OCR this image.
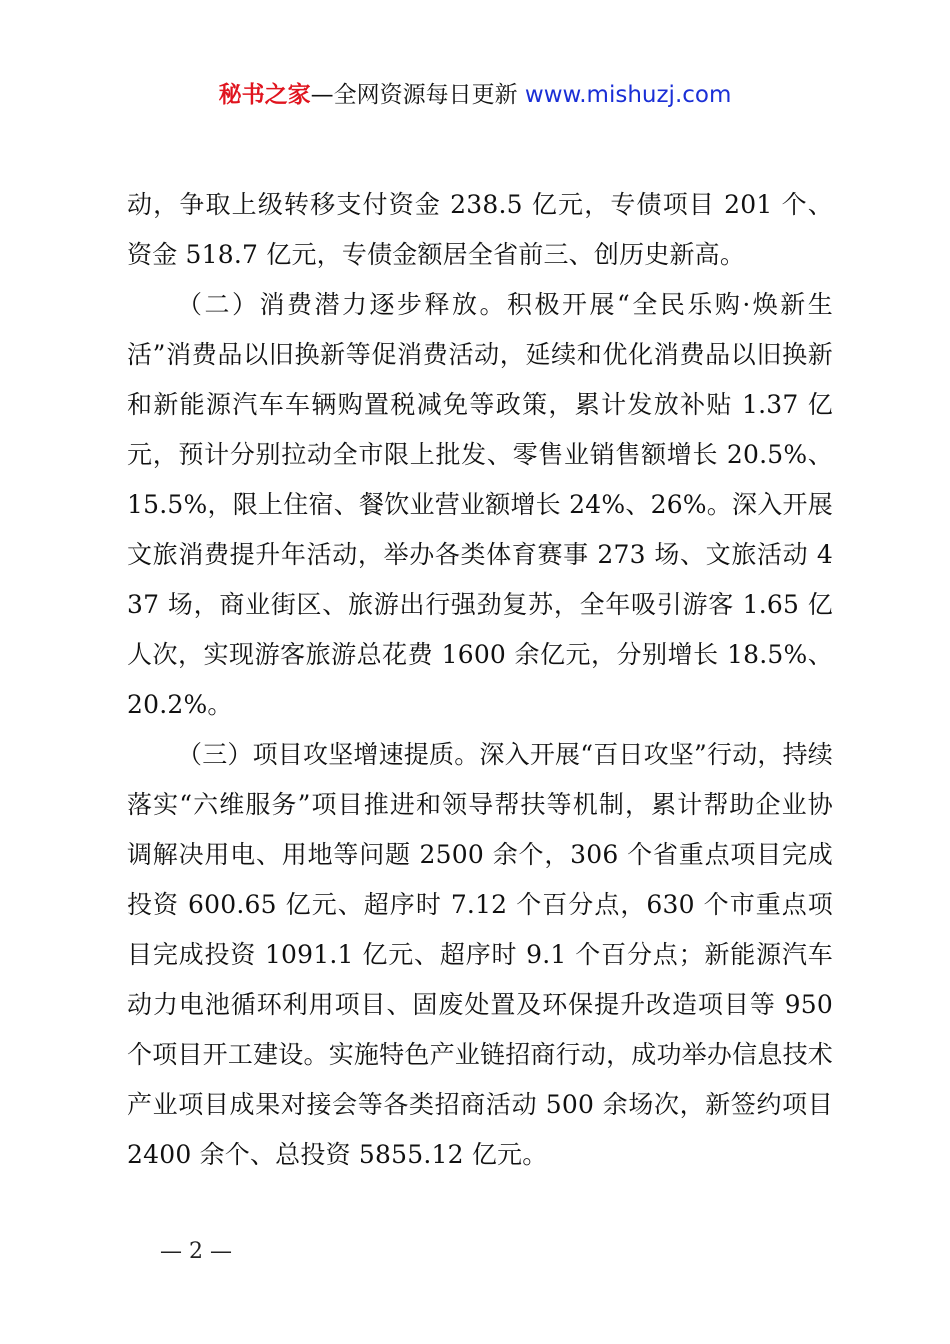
秘书之家—全网资源每日更新 www.mishuzj.com

动，争取上级转移支付资金 238.5 亿元，专债项目 201 个、资金 518.7 亿元，专债金额居全省前三、创历史新高。

（二）消费潜力逐步释放。积极开展“全民乐购·焕新生活”消费品以旧换新等促消费活动，延续和优化消费品以旧换新和新能源汽车车辆购置税减免等政策，累计发放补贴 1.37 亿元，预计分别拉动全市限上批发、零售业销售额增长 20.5%、15.5%，限上住宿、餐饮业营业额增长 24%、26%。深入开展文旅消费提升年活动，举办各类体育赛事 273 场、文旅活动 437 场，商业街区、旅游出行强劲复苏，全年吸引游客 1.65 亿人次，实现游客旅游总花费 1600 余亿元，分别增长 18.5%、20.2%。

（三）项目攻坚增速提质。深入开展“百日攻坚”行动，持续落实“六维服务”项目推进和领导帮扶等机制，累计帮助企业协调解决用电、用地等问题 2500 余个，306 个省重点项目完成投资 600.65 亿元、超序时 7.12 个百分点，630 个市重点项目完成投资 1091.1 亿元、超序时 9.1 个百分点；新能源汽车动力电池循环利用项目、固废处置及环保提升改造项目等 950 个项目开工建设。实施特色产业链招商行动，成功举办信息技术产业项目成果对接会等各类招商活动 500 余场次，新签约项目 2400 余个、总投资 5855.12 亿元。

— 2 —
